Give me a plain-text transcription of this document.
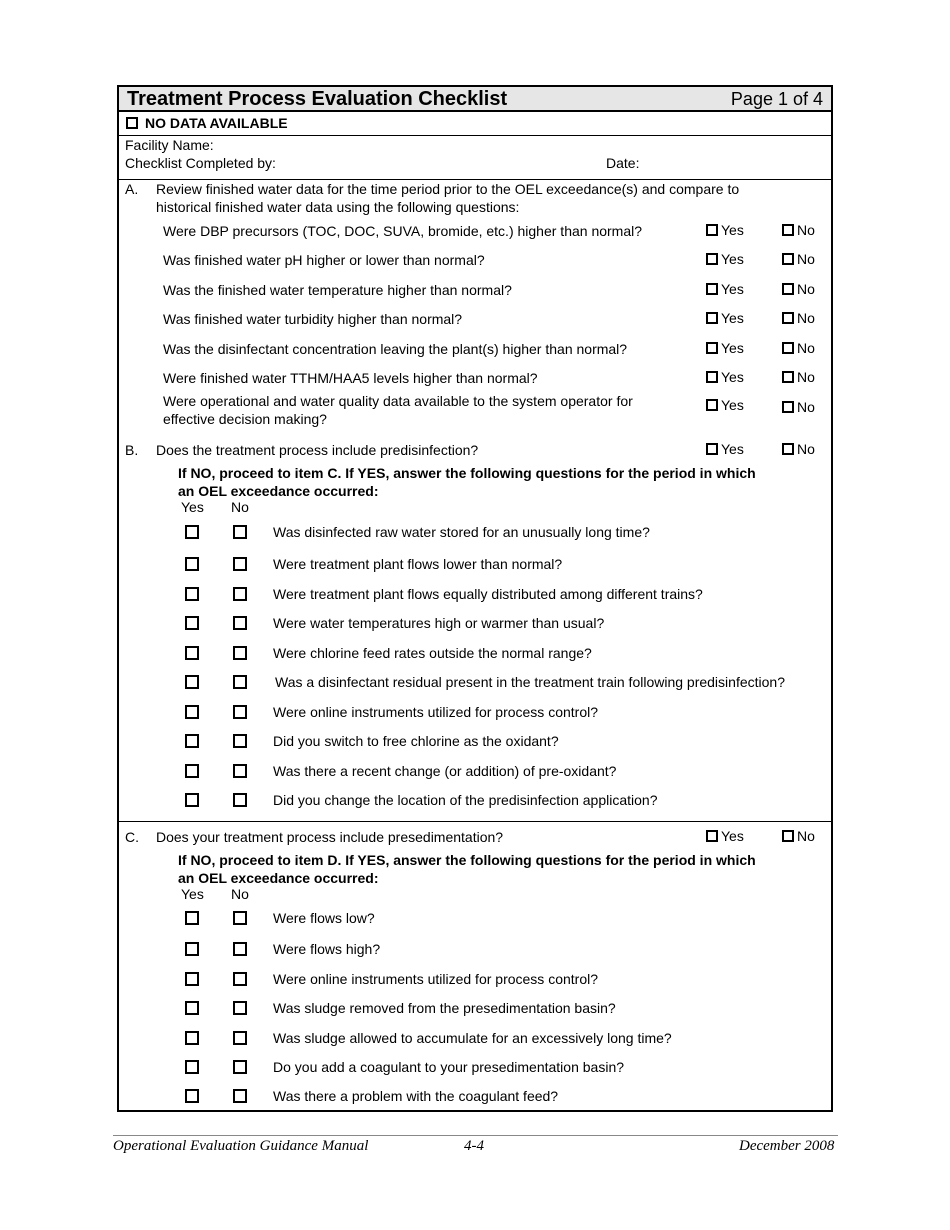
Treatment Process Evaluation Checklist	Page 1 of 4
NO DATA AVAILABLE
Facility Name:
Checklist Completed by:	Date:
A. Review finished water data for the time period prior to the OEL exceedance(s) and compare to
historical finished water data using the following questions:
Were DBP precursors (TOC, DOC, SUVA, bromide, etc.) higher than normal?	Yes	No
Was finished water pH higher or lower than normal?	Yes	No
Was the finished water temperature higher than normal?	Yes	No
Was finished water turbidity higher than normal?	Yes	No
Was the disinfectant concentration leaving the plant(s) higher than normal?	Yes	No
Were finished water TTHM/HAA5 levels higher than normal?	Yes	No
Were operational and water quality data available to the system operator for
effective decision making?
Yes	No
B. Does the treatment process include predisinfection?	Yes	No
If NO, proceed to item C. If YES, answer the following questions for the period in which
an OEL exceedance occurred:
Yes No
Was disinfected raw water stored for an unusually long time?
Were treatment plant flows lower than normal?
Were treatment plant flows equally distributed among different trains?
Were water temperatures high or warmer than usual?
Were chlorine feed rates outside the normal range?
Was a disinfectant residual present in the treatment train following predisinfection?
Were online instruments utilized for process control?
Did you switch to free chlorine as the oxidant?
Was there a recent change (or addition) of pre-oxidant?
Did you change the location of the predisinfection application?
C. Does your treatment process include presedimentation?	Yes	No
If NO, proceed to item D. If YES, answer the following questions for the period in which
an OEL exceedance occurred:
Yes No
Were flows low?
Were flows high?
Were online instruments utilized for process control?
Was sludge removed from the presedimentation basin?
Was sludge allowed to accumulate for an excessively long time?
Do you add a coagulant to your presedimentation basin?
Was there a problem with the coagulant feed?
Operational Evaluation Guidance Manual	4-4	December 2008
